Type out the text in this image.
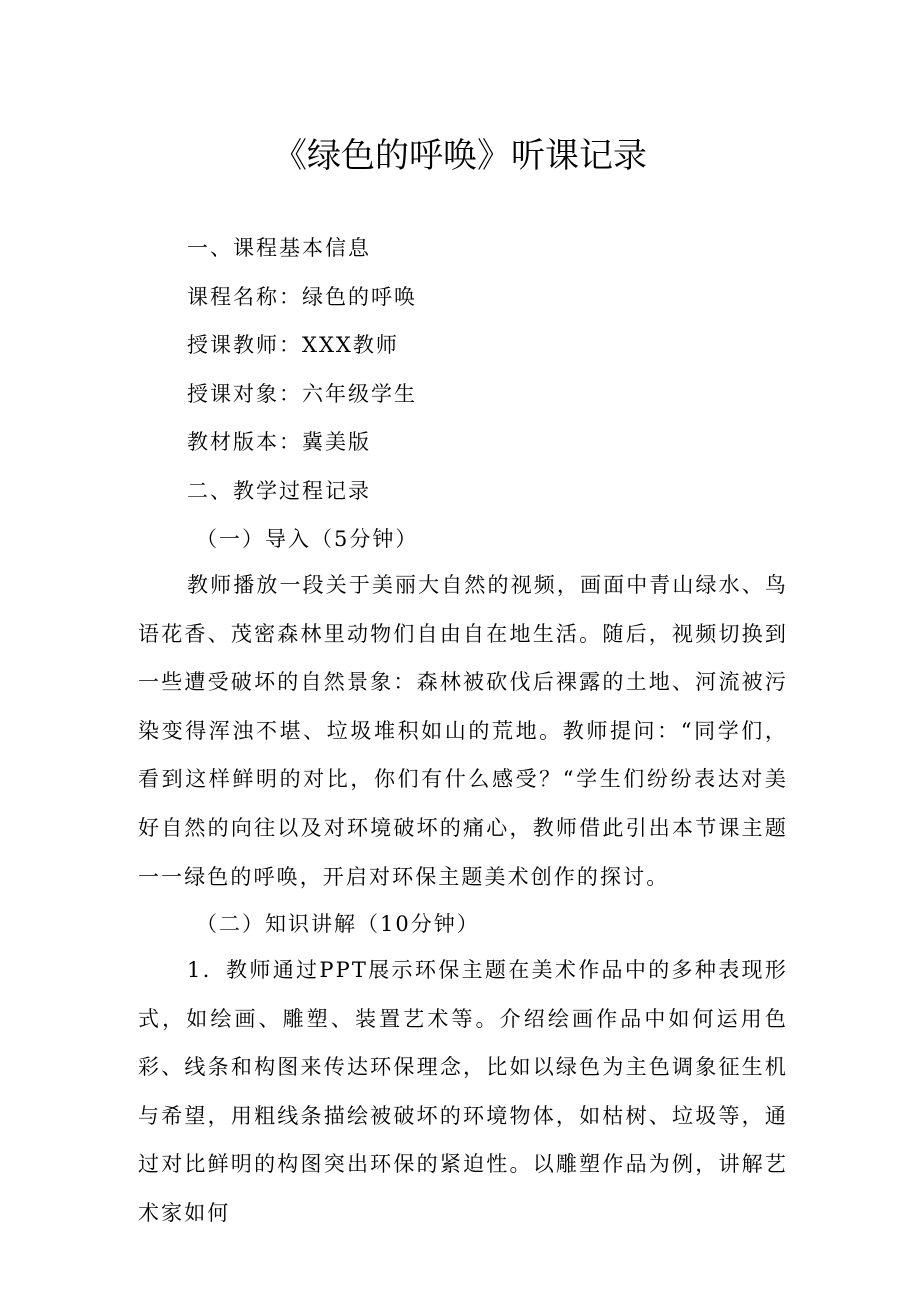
《绿色的呼唤》听课记录

一、课程基本信息

课程名称：绿色的呼唤

授课教师：XXX教师

授课对象：六年级学生

教材版本：冀美版

二、教学过程记录

（一）导入（5分钟）

教师播放一段关于美丽大自然的视频，画面中青山绿水、鸟语花香、茂密森林里动物们自由自在地生活。随后，视频切换到一些遭受破坏的自然景象：森林被砍伐后裸露的土地、河流被污染变得浑浊不堪、垃圾堆积如山的荒地。教师提问：“同学们，看到这样鲜明的对比，你们有什么感受？“学生们纷纷表达对美好自然的向往以及对环境破坏的痛心，教师借此引出本节课主题一一绿色的呼唤，开启对环保主题美术创作的探讨。

（二）知识讲解（10分钟）

1．教师通过PPT展示环保主题在美术作品中的多种表现形式，如绘画、雕塑、装置艺术等。介绍绘画作品中如何运用色彩、线条和构图来传达环保理念，比如以绿色为主色调象征生机与希望，用粗线条描绘被破坏的环境物体，如枯树、垃圾等，通过对比鲜明的构图突出环保的紧迫性。以雕塑作品为例，讲解艺术家如何
